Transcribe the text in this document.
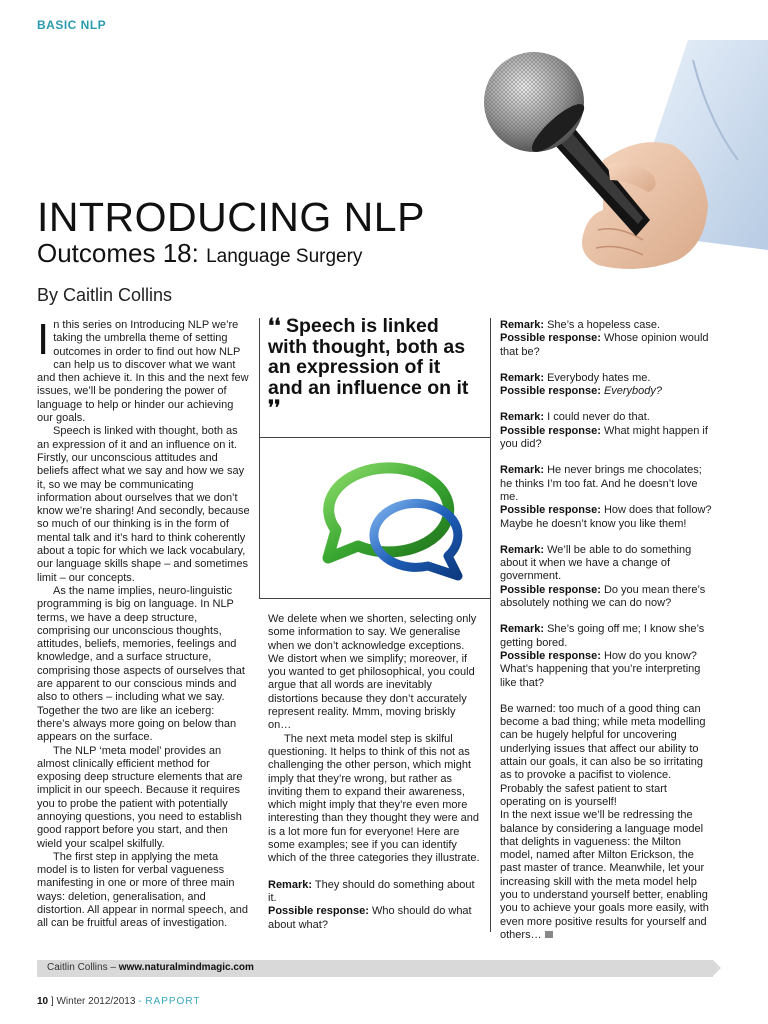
BASIC NLP
INTRODUCING NLP
Outcomes 18: Language Surgery
By Caitlin Collins

In this series on Introducing NLP we’re taking the umbrella theme of setting outcomes in order to find out how NLP can help us to discover what we want and then achieve it. In this and the next few issues, we’ll be pondering the power of language to help or hinder our achieving our goals.

Speech is linked with thought, both as an expression of it and an influence on it. Firstly, our unconscious attitudes and beliefs affect what we say and how we say it, so we may be communicating information about ourselves that we don’t know we’re sharing! And secondly, because so much of our thinking is in the form of mental talk and it’s hard to think coherently about a topic for which we lack vocabulary, our language skills shape – and sometimes limit – our concepts.

As the name implies, neuro-linguistic programming is big on language. In NLP terms, we have a deep structure, comprising our unconscious thoughts, attitudes, beliefs, memories, feelings and knowledge, and a surface structure, comprising those aspects of ourselves that are apparent to our conscious minds and also to others – including what we say. Together the two are like an iceberg: there’s always more going on below than appears on the surface.

The NLP ‘meta model’ provides an almost clinically efficient method for exposing deep structure elements that are implicit in our speech. Because it requires you to probe the patient with potentially annoying questions, you need to establish good rapport before you start, and then wield your scalpel skilfully.

The first step in applying the meta model is to listen for verbal vagueness manifesting in one or more of three main ways: deletion, generalisation, and distortion. All appear in normal speech, and all can be fruitful areas of investigation.

❛❛ Speech is linked with thought, both as an expression of it and an influence on it ❜❜

We delete when we shorten, selecting only some information to say. We generalise when we don’t acknowledge exceptions. We distort when we simplify; moreover, if you wanted to get philosophical, you could argue that all words are inevitably distortions because they don’t accurately represent reality. Mmm, moving briskly on…

The next meta model step is skilful questioning. It helps to think of this not as challenging the other person, which might imply that they’re wrong, but rather as inviting them to expand their awareness, which might imply that they’re even more interesting than they thought they were and is a lot more fun for everyone! Here are some examples; see if you can identify which of the three categories they illustrate.

Remark: They should do something about it.

Possible response: Who should do what about what?

Remark: She’s a hopeless case.

Possible response: Whose opinion would that be?

Remark: Everybody hates me.

Possible response: Everybody?

Remark: I could never do that.

Possible response: What might happen if you did?

Remark: He never brings me chocolates; he thinks I’m too fat. And he doesn’t love me.

Possible response: How does that follow? Maybe he doesn’t know you like them!

Remark: We’ll be able to do something about it when we have a change of government.

Possible response: Do you mean there’s absolutely nothing we can do now?

Remark: She’s going off me; I know she’s getting bored.

Possible response: How do you know? What’s happening that you’re interpreting like that?

Be warned: too much of a good thing can become a bad thing; while meta modelling can be hugely helpful for uncovering underlying issues that affect our ability to attain our goals, it can also be so irritating as to provoke a pacifist to violence. Probably the safest patient to start operating on is yourself!

In the next issue we’ll be redressing the balance by considering a language model that delights in vagueness: the Milton model, named after Milton Erickson, the past master of trance. Meanwhile, let your increasing skill with the meta model help you to understand yourself better, enabling you to achieve your goals more easily, with even more positive results for yourself and others…

Caitlin Collins – www.naturalmindmagic.com
10 ] Winter 2012/2013 - RAPPORT
